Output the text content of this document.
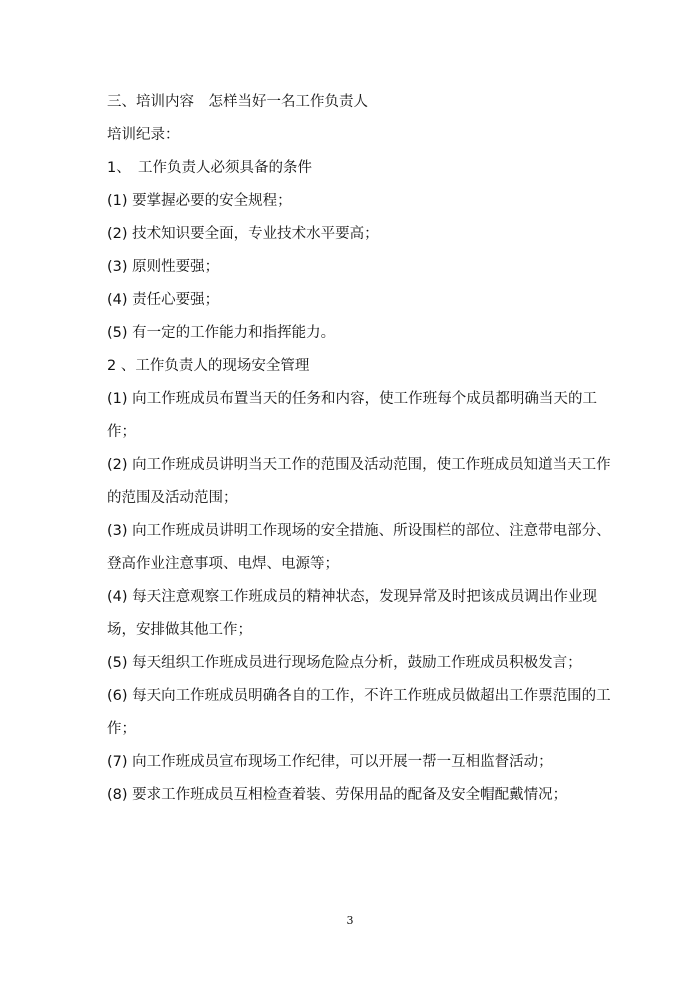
三、培训内容　怎样当好一名工作负责人
培训纪录：
1、　工作负责人必须具备的条件
(1) 要掌握必要的安全规程；
(2) 技术知识要全面，专业技术水平要高；
(3) 原则性要强；
(4) 责任心要强；
(5) 有一定的工作能力和指挥能力。
2 、工作负责人的现场安全管理
(1) 向工作班成员布置当天的任务和内容，使工作班每个成员都明确当天的工
作；
(2) 向工作班成员讲明当天工作的范围及活动范围，使工作班成员知道当天工作
的范围及活动范围；
(3) 向工作班成员讲明工作现场的安全措施、所设围栏的部位、注意带电部分、
登高作业注意事项、电焊、电源等；
(4) 每天注意观察工作班成员的精神状态，发现异常及时把该成员调出作业现
场，安排做其他工作；
(5) 每天组织工作班成员进行现场危险点分析，鼓励工作班成员积极发言；
(6) 每天向工作班成员明确各自的工作，不许工作班成员做超出工作票范围的工
作；
(7) 向工作班成员宣布现场工作纪律，可以开展一帮一互相监督活动；
(8) 要求工作班成员互相检查着装、劳保用品的配备及安全帽配戴情况；
3
